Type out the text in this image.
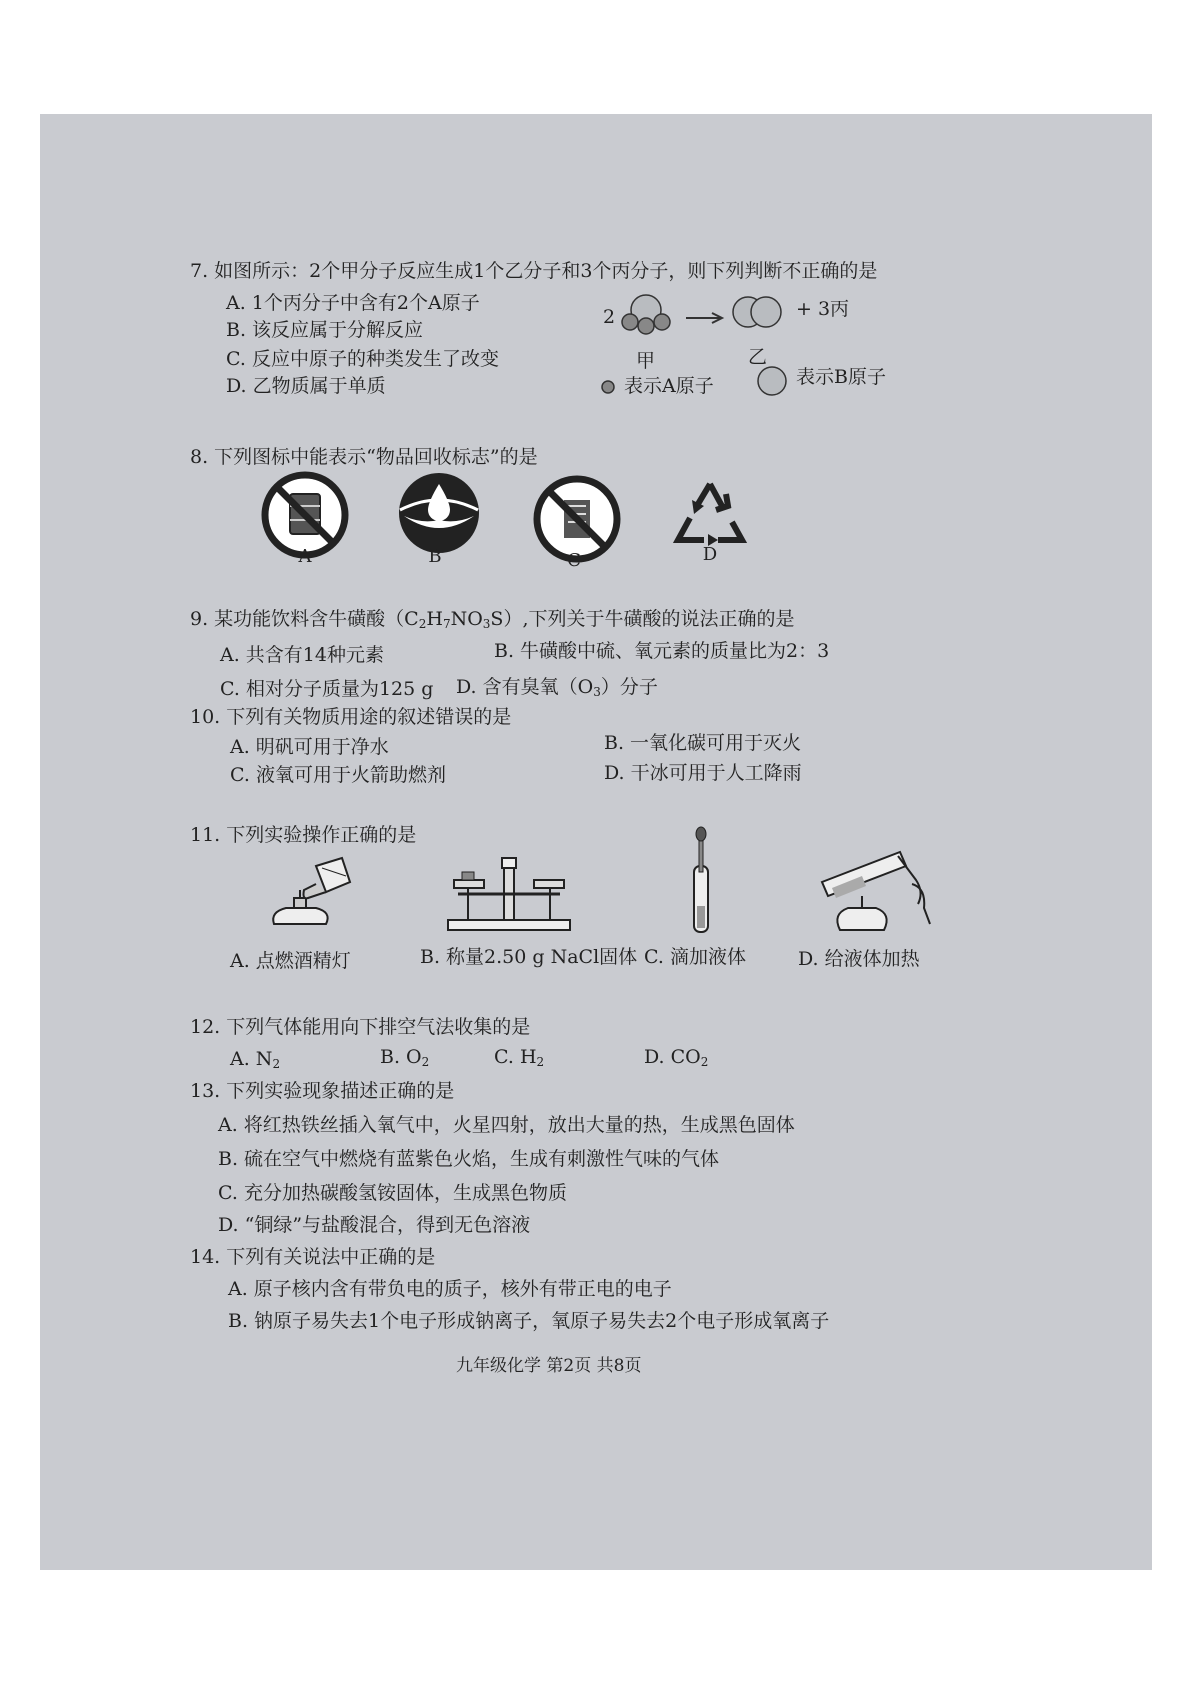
7. 如图所示：2个甲分子反应生成1个乙分子和3个丙分子，则下列判断不正确的是
A. 1个丙分子中含有2个A原子
B. 该反应属于分解反应
C. 反应中原子的种类发生了改变
D. 乙物质属于单质
2	+ 3丙
甲	乙
表示A原子	表示B原子
8. 下列图标中能表示“物品回收标志”的是
A	B	C	D
9. 某功能饮料含牛磺酸$(C_2H_7NO_3S)$,下列关于牛磺酸的说法正确的是
A. 共含有14种元素	B. 牛磺酸中硫、氧元素的质量比为2：3
C. 相对分子质量为125 g D. 含有臭氧$(O_3)$分子
10. 下列有关物质用途的叙述错误的是
A. 明矾可用于净水	B. 一氧化碳可用于灭火
C. 液氧可用于火箭助燃剂	D. 干冰可用于人工降雨
11. 下列实验操作正确的是
A. 点燃酒精灯	B. 称量2.50 g NaCl固体 C. 滴加液体	D. 给液体加热
12. 下列气体能用向下排空气法收集的是
A. $N_2$	B. $O_2$	C. $H_2$	D. $CO_2$
13. 下列实验现象描述正确的是
A. 将红热铁丝插入氧气中，火星四射，放出大量的热，生成黑色固体
B. 硫在空气中燃烧有蓝紫色火焰，生成有刺激性气味的气体
C. 充分加热碳酸氢铵固体，生成黑色物质
D. “铜绿”与盐酸混合，得到无色溶液
14. 下列有关说法中正确的是
A. 原子核内含有带负电的质子，核外有带正电的电子
B. 钠原子易失去1个电子形成钠离子，氧原子易失去2个电子形成氧离子
九年级化学 第2页 共8页
